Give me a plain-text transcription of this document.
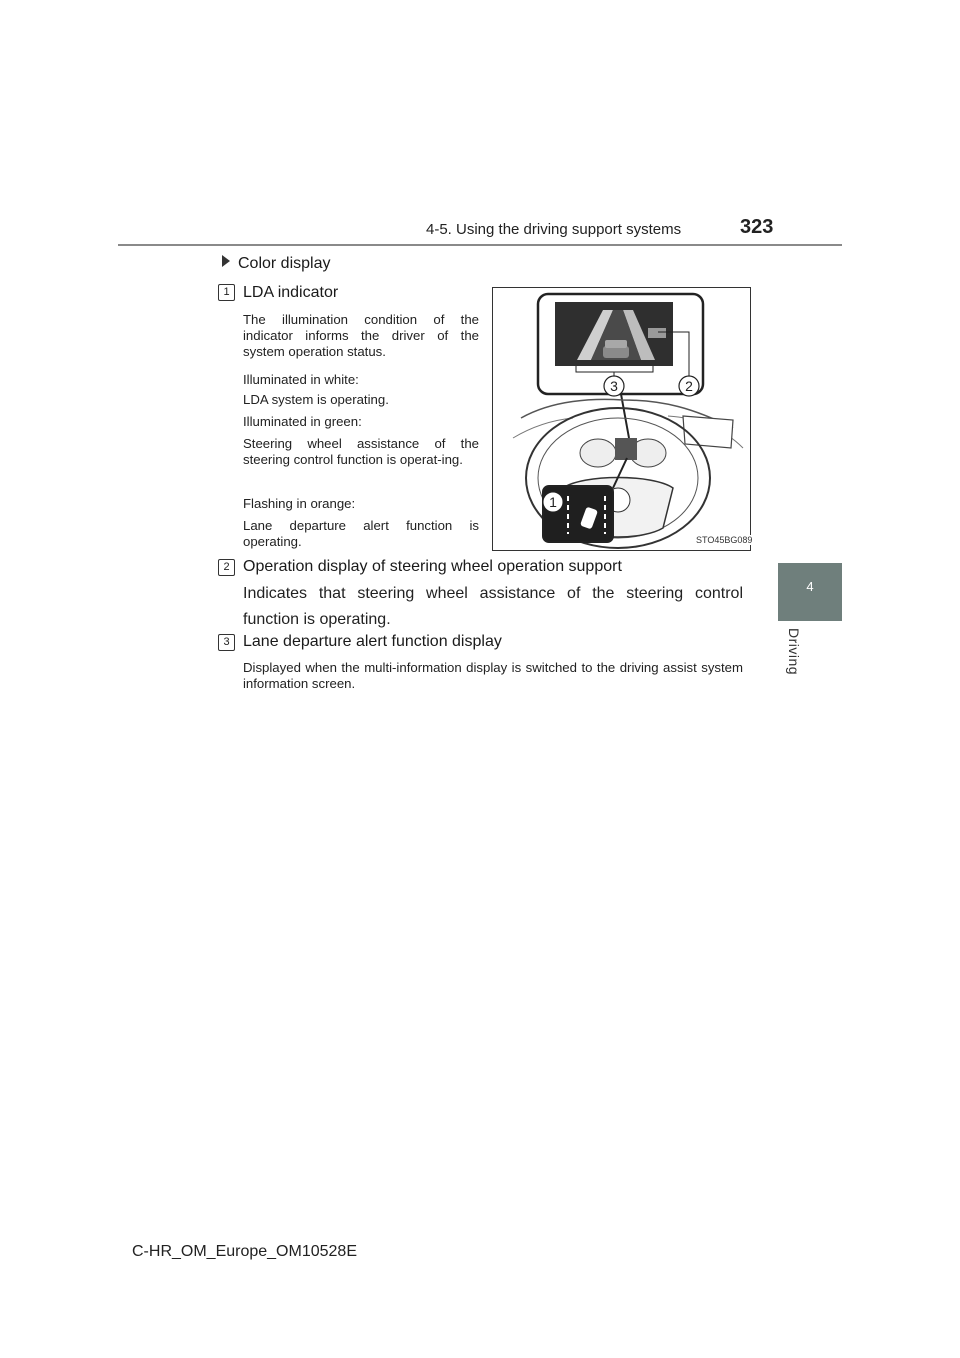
4-5. Using the driving support systems	323
4
Driving
Color display
1 LDA indicator
The illumination condition of the indicator informs the driver of the system operation status.
Illuminated in white:
LDA system is operating.
Illuminated in green:
Steering wheel assistance of the steering control function is operat-ing.
Flashing in orange:
Lane departure alert function is operating.
3	2
1
STO45BG089
2 Operation display of steering wheel operation support
Indicates that steering wheel assistance of the steering control function is operating.
3 Lane departure alert function display
Displayed when the multi-information display is switched to the driving assist system information screen.
C-HR_OM_Europe_OM10528E
